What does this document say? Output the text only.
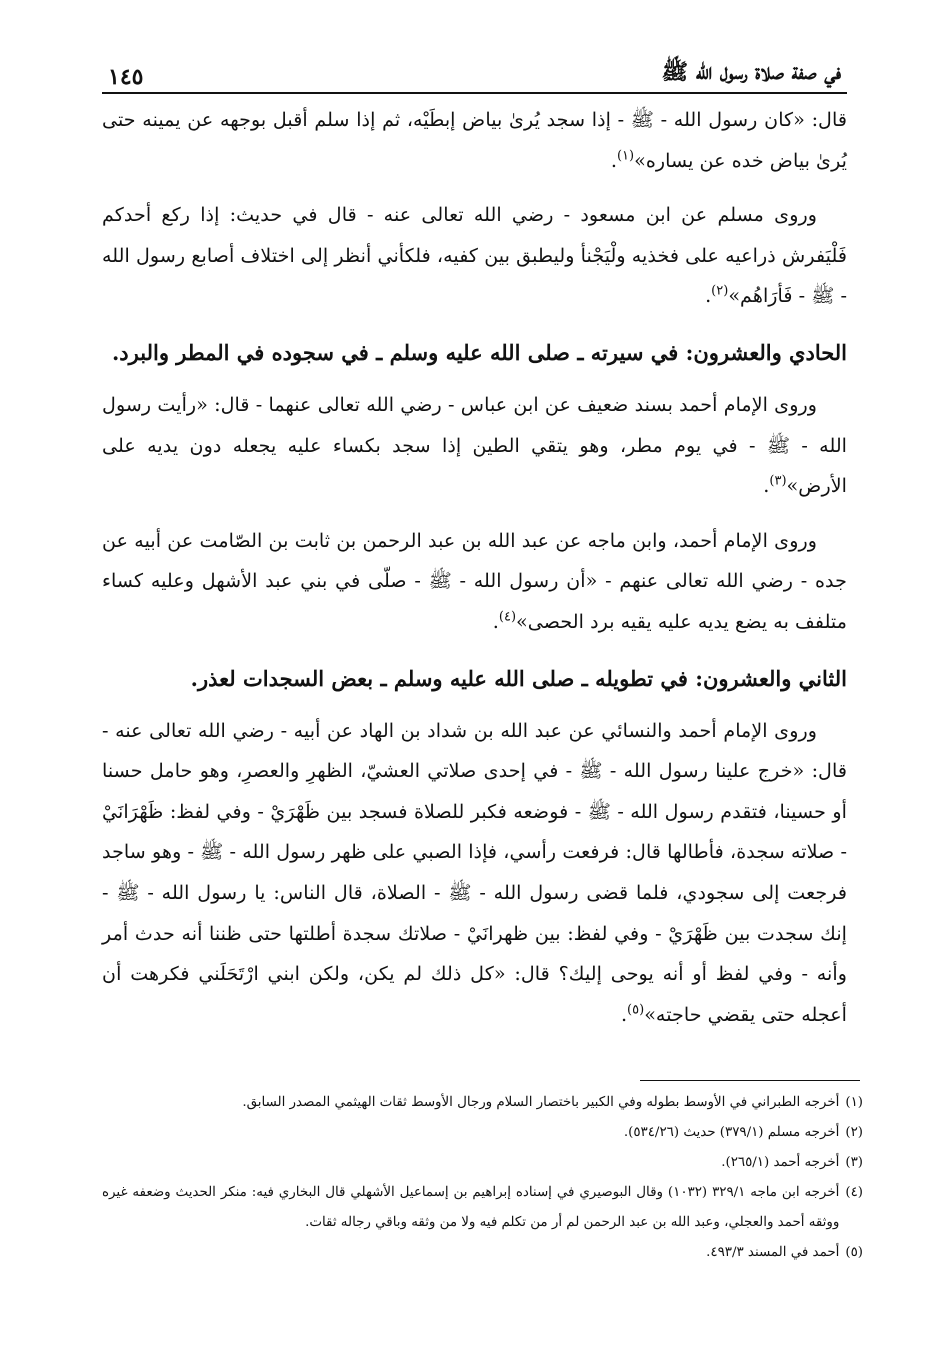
في صفة صلاة رسول الله ﷺ
١٤٥

قال: «كان رسول الله - ﷺ - إذا سجد يُرىٰ بياض إبطَيْه، ثم إذا سلم أقبل بوجهه عن يمينه حتى يُرىٰ بياض خده عن يساره»$^{(١)}$.

وروى مسلم عن ابن مسعود - رضي الله تعالى عنه - قال في حديث: إذا ركع أحدكم فَلْيَفرش ذراعيه على فخذيه ولْيَجْنأ وليطبق بين كفيه، فلكأني أنظر إلى اختلاف أصابع رسول الله - ﷺ - فَأرَاهُم»$^{(٢)}$.

الحادي والعشرون: في سيرته ـ صلى الله عليه وسلم ـ في سجوده في المطر والبرد.

وروى الإمام أحمد بسند ضعيف عن ابن عباس - رضي الله تعالى عنهما - قال: «رأيت رسول الله - ﷺ - في يوم مطر، وهو يتقي الطين إذا سجد بكساء عليه يجعله دون يديه على الأرض»$^{(٣)}$.

وروى الإمام أحمد، وابن ماجه عن عبد الله بن عبد الرحمن بن ثابت بن الصّامت عن أبيه عن جده - رضي الله تعالى عنهم - «أن رسول الله - ﷺ - صلّى في بني عبد الأشهل وعليه كساء متلفف به يضع يديه عليه يقيه برد الحصى»$^{(٤)}$.

الثاني والعشرون: في تطويله ـ صلى الله عليه وسلم ـ بعض السجدات لعذر.

وروى الإمام أحمد والنسائي عن عبد الله بن شداد بن الهاد عن أبيه - رضي الله تعالى عنه - قال: «خرج علينا رسول الله - ﷺ - في إحدى صلاتي العشيّ، الظهرِ والعصرِ، وهو حامل حسنا أو حسينا، فتقدم رسول الله - ﷺ - فوضعه فكبر للصلاة فسجد بين ظَهْرَيْ - وفي لفظ: ظَهْرَانَيْ - صلاته سجدة، فأطالها قال: فرفعت رأسي، فإذا الصبي على ظهر رسول الله - ﷺ - وهو ساجد فرجعت إلى سجودي، فلما قضى رسول الله - ﷺ - الصلاة، قال الناس: يا رسول الله - ﷺ - إنك سجدت بين ظَهْرَيْ - وفي لفظ: بين ظهرانَيْ - صلاتك سجدة أطلتها حتى ظننا أنه حدث أمر وأنه - وفي لفظ أو أنه يوحى إليك؟ قال: «كل ذلك لم يكن، ولكن ابني ارْتَحَلَني فكرهت أن أعجله حتى يقضي حاجته»$^{(٥)}$.

(١)
أخرجه الطبراني في الأوسط بطوله وفي الكبير باختصار السلام ورجال الأوسط ثقات الهيثمي المصدر السابق.
(٢)
أخرجه مسلم (٣٧٩/١) حديث (٥٣٤/٢٦).
(٣)
أخرجه أحمد (٢٦٥/١).
(٤)
أخرجه ابن ماجه ٣٢٩/١ (١٠٣٢) وقال البوصيري في إسناده إبراهيم بن إسماعيل الأشهلي قال البخاري فيه: منكر الحديث وضعفه غيره ووثقه أحمد والعجلي، وعبد الله بن عبد الرحمن لم أر من تكلم فيه ولا من وثقه وباقي رجاله ثقات.
(٥)
أحمد في المسند ٤٩٣/٣.
